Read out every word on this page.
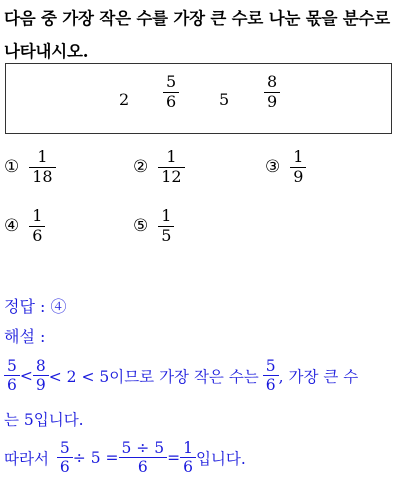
다음 중 가장 작은 수를 가장 큰 수로 나눈 몫을 분수로 나타내시오.
$2 \frac{5}{6} 5 \frac{8}{9}$
① $\frac{1}{18}$	② $\frac{1}{12}$	③ $\frac{1}{9}$
④ $\frac{1}{6}$	⑤ $\frac{1}{5}$
정답 : ④
해설 :
$\frac{5}{6} < \frac{8}{9} < 2 < 5$이므로 가장 작은 수는 $\frac{5}{6}$ , 가장 큰 수
는 5입니다.
따라서 $\frac{5}{6} \div 5 = \frac{5 \div 5}{6} = \frac{1}{6}$ 입니다.
